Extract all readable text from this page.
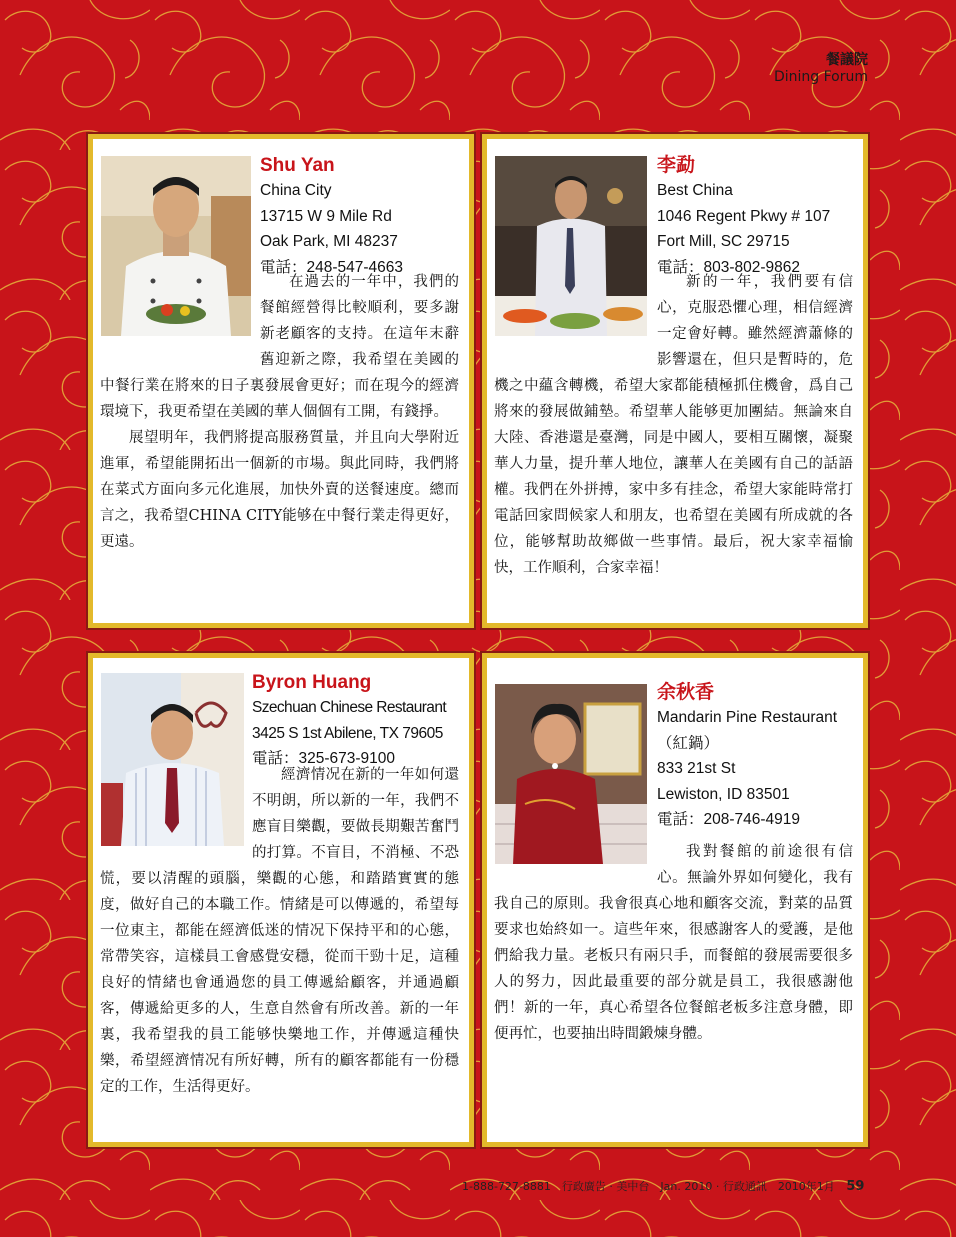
餐議院
Dining Forum
Shu Yan
China City
13715 W 9 Mile Rd
Oak Park, MI 48237
電話：248-547-4663

在過去的一年中，我們的餐館經營得比較順利，要多謝新老顧客的支持。在這年末辭舊迎新之際，我希望在美國的中餐行業在將來的日子裏發展會更好；而在現今的經濟環境下，我更希望在美國的華人個個有工開，有錢掙。

展望明年，我們將提高服務質量，并且向大學附近進軍，希望能開拓出一個新的市場。與此同時，我們將在菜式方面向多元化進展，加快外賣的送餐速度。總而言之，我希望CHINA CITY能够在中餐行業走得更好，更遠。

李勐
Best China
1046 Regent Pkwy # 107
Fort Mill, SC 29715
電話：803-802-9862

新的一年，我們要有信心，克服恐懼心理，相信經濟一定會好轉。雖然經濟蕭條的影響還在，但只是暫時的，危機之中蘊含轉機，希望大家都能積極抓住機會，爲自己將來的發展做鋪墊。希望華人能够更加團結。無論來自大陸、香港還是臺灣，同是中國人，要相互關懷，凝聚華人力量，提升華人地位，讓華人在美國有自己的話語權。我們在外拼搏，家中多有挂念，希望大家能時常打電話回家問候家人和朋友，也希望在美國有所成就的各位，能够幫助故鄉做一些事情。最后，祝大家幸福愉快，工作順利，合家幸福！

Byron Huang
Szechuan Chinese Restaurant
3425 S 1st Abilene, TX 79605
電話：325-673-9100

經濟情况在新的一年如何還不明朗，所以新的一年，我們不應盲目樂觀，要做長期艱苦奮鬥的打算。不盲目，不消極、不恐慌，要以清醒的頭腦，樂觀的心態，和踏踏實實的態度，做好自己的本職工作。情緒是可以傳遞的，希望每一位東主，都能在經濟低迷的情况下保持平和的心態，常帶笑容，這樣員工會感覺安穩，從而干勁十足，這種良好的情緒也會通過您的員工傳遞給顧客，并通過顧客，傳遞給更多的人，生意自然會有所改善。新的一年裏，我希望我的員工能够快樂地工作，并傳遞這種快樂，希望經濟情况有所好轉，所有的顧客都能有一份穩定的工作，生活得更好。

余秋香
Mandarin Pine Restaurant
（紅鍋）
833 21st St
Lewiston, ID 83501
電話：208-746-4919

我對餐館的前途很有信心。無論外界如何變化，我有我自己的原則。我會很真心地和顧客交流，對菜的品質要求也始終如一。這些年來，很感謝客人的愛護，是他們給我力量。老板只有兩只手，而餐館的發展需要很多人的努力，因此最重要的部分就是員工，我很感謝他們！新的一年，真心希望各位餐館老板多注意身體，即便再忙，也要抽出時間鍛煉身體。

1-888-727-8881　行政廣告 · 美中台　Jan. 2010 · 行政通訊　2010年1月 59
